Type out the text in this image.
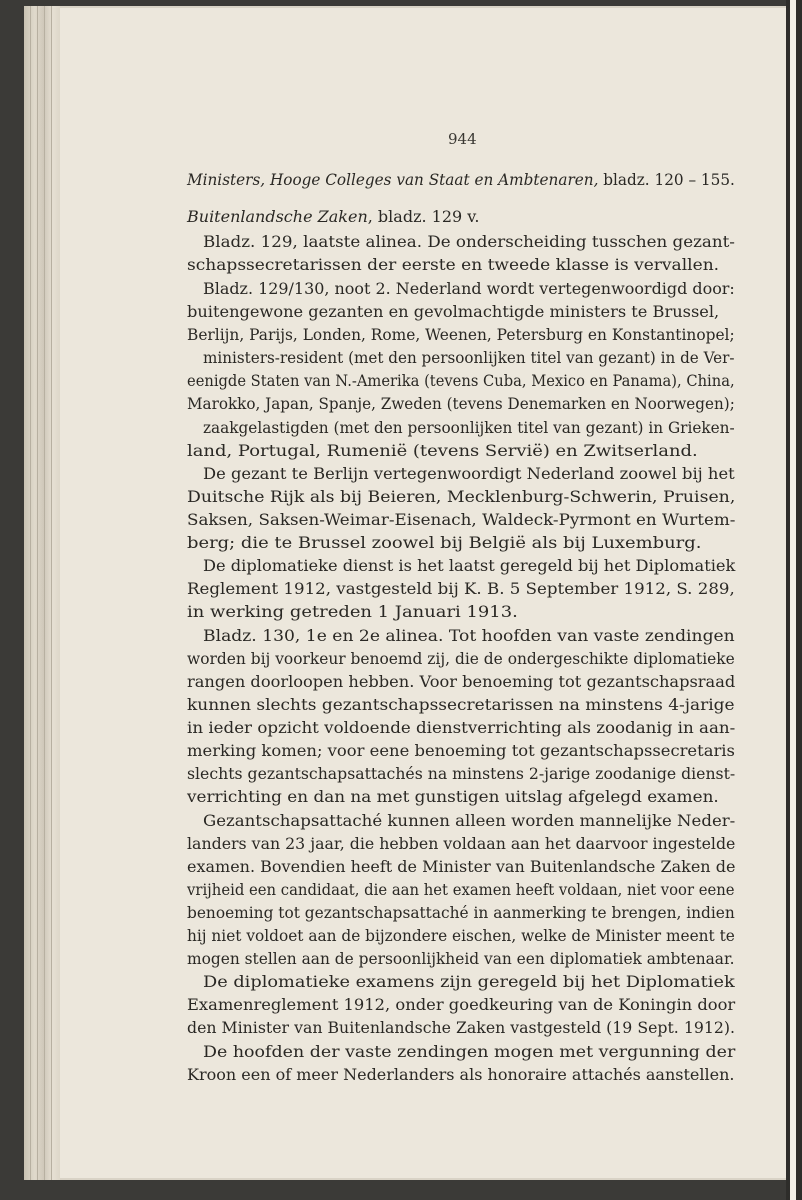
944
Ministers, Hooge Colleges van Staat en Ambtenaren, bladz. 120 – 155.
Buitenlandsche Zaken, bladz. 129 v.
Bladz. 129, laatste alinea. De onderscheiding tusschen gezant-
schapssecretarissen der eerste en tweede klasse is vervallen.
Bladz. 129/130, noot 2. Nederland wordt vertegenwoordigd door:
buitengewone gezanten en gevolmachtigde ministers te Brussel,
Berlijn, Parijs, Londen, Rome, Weenen, Petersburg en Konstantinopel;
ministers-resident (met den persoonlijken titel van gezant) in de Ver-
eenigde Staten van N.-Amerika (tevens Cuba, Mexico en Panama), China,
Marokko, Japan, Spanje, Zweden (tevens Denemarken en Noorwegen);
zaakgelastigden (met den persoonlijken titel van gezant) in Grieken-
land, Portugal, Rumenië (tevens Servië) en Zwitserland.
De gezant te Berlijn vertegenwoordigt Nederland zoowel bij het
Duitsche Rijk als bij Beieren, Mecklenburg-Schwerin, Pruisen,
Saksen, Saksen-Weimar-Eisenach, Waldeck-Pyrmont en Wurtem-
berg; die te Brussel zoowel bij België als bij Luxemburg.
De diplomatieke dienst is het laatst geregeld bij het Diplomatiek
Reglement 1912, vastgesteld bij K. B. 5 September 1912, S. 289,
in werking getreden 1 Januari 1913.
Bladz. 130, 1e en 2e alinea. Tot hoofden van vaste zendingen
worden bij voorkeur benoemd zij, die de ondergeschikte diplomatieke
rangen doorloopen hebben. Voor benoeming tot gezantschapsraad
kunnen slechts gezantschapssecretarissen na minstens 4-jarige
in ieder opzicht voldoende dienstverrichting als zoodanig in aan-
merking komen; voor eene benoeming tot gezantschapssecretaris
slechts gezantschapsattachés na minstens 2-jarige zoodanige dienst-
verrichting en dan na met gunstigen uitslag afgelegd examen.
Gezantschapsattaché kunnen alleen worden mannelijke Neder-
landers van 23 jaar, die hebben voldaan aan het daarvoor ingestelde
examen. Bovendien heeft de Minister van Buitenlandsche Zaken de
vrijheid een candidaat, die aan het examen heeft voldaan, niet voor eene
benoeming tot gezantschapsattaché in aanmerking te brengen, indien
hij niet voldoet aan de bijzondere eischen, welke de Minister meent te
mogen stellen aan de persoonlijkheid van een diplomatiek ambtenaar.
De diplomatieke examens zijn geregeld bij het Diplomatiek
Examenreglement 1912, onder goedkeuring van de Koningin door
den Minister van Buitenlandsche Zaken vastgesteld (19 Sept. 1912).
De hoofden der vaste zendingen mogen met vergunning der
Kroon een of meer Nederlanders als honoraire attachés aanstellen.
